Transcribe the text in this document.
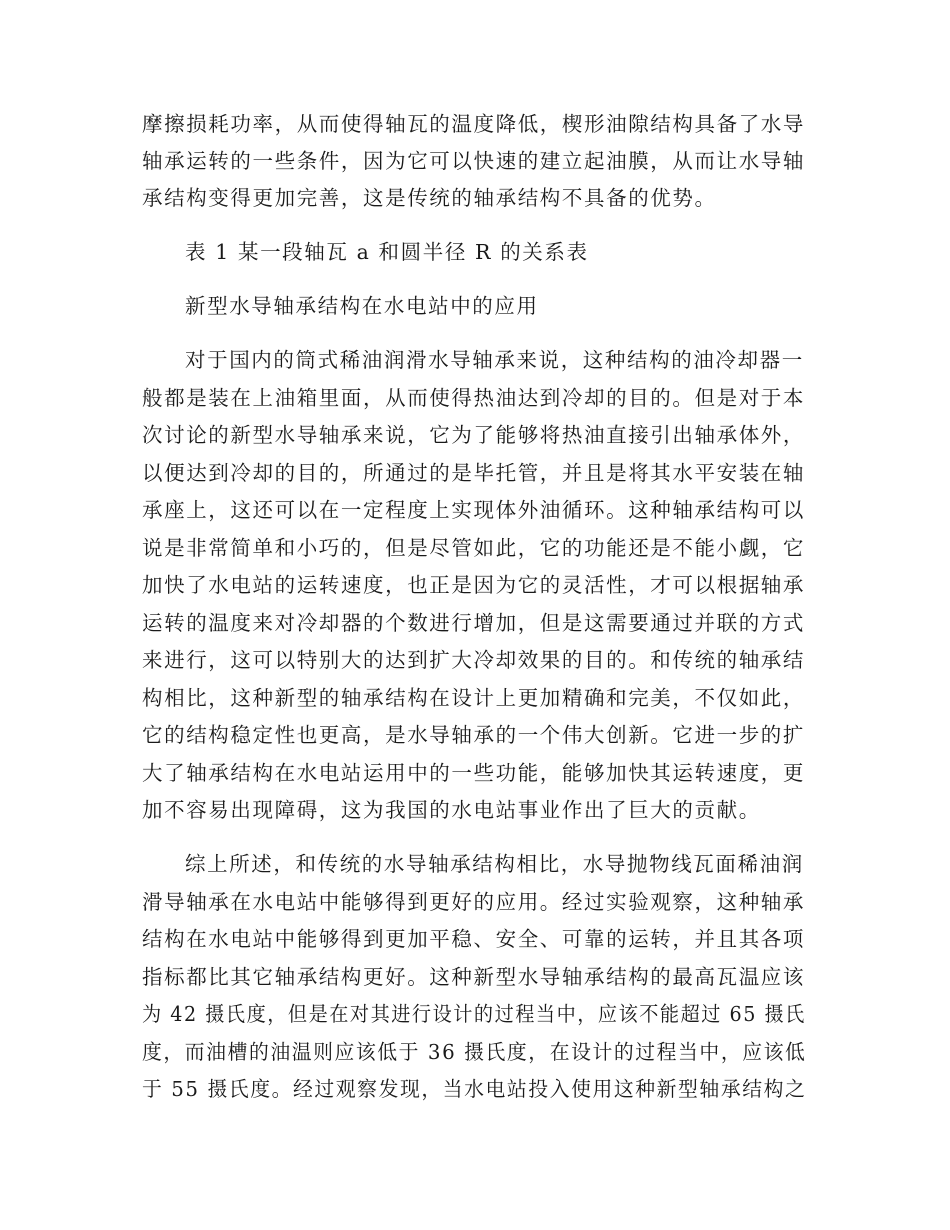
摩擦损耗功率，从而使得轴瓦的温度降低，楔形油隙结构具备了水导
轴承运转的一些条件，因为它可以快速的建立起油膜，从而让水导轴
承结构变得更加完善，这是传统的轴承结构不具备的优势。
表 1 某一段轴瓦 a 和圆半径 R 的关系表
新型水导轴承结构在水电站中的应用
对于国内的筒式稀油润滑水导轴承来说，这种结构的油冷却器一
般都是装在上油箱里面，从而使得热油达到冷却的目的。但是对于本
次讨论的新型水导轴承来说，它为了能够将热油直接引出轴承体外，
以便达到冷却的目的，所通过的是毕托管，并且是将其水平安装在轴
承座上，这还可以在一定程度上实现体外油循环。这种轴承结构可以
说是非常简单和小巧的，但是尽管如此，它的功能还是不能小觑，它
加快了水电站的运转速度，也正是因为它的灵活性，才可以根据轴承
运转的温度来对冷却器的个数进行增加，但是这需要通过并联的方式
来进行，这可以特别大的达到扩大冷却效果的目的。和传统的轴承结
构相比，这种新型的轴承结构在设计上更加精确和完美，不仅如此，
它的结构稳定性也更高，是水导轴承的一个伟大创新。它进一步的扩
大了轴承结构在水电站运用中的一些功能，能够加快其运转速度，更
加不容易出现障碍，这为我国的水电站事业作出了巨大的贡献。
综上所述，和传统的水导轴承结构相比，水导抛物线瓦面稀油润
滑导轴承在水电站中能够得到更好的应用。经过实验观察，这种轴承
结构在水电站中能够得到更加平稳、安全、可靠的运转，并且其各项
指标都比其它轴承结构更好。这种新型水导轴承结构的最高瓦温应该
为 42 摄氏度，但是在对其进行设计的过程当中，应该不能超过 65 摄氏
度，而油槽的油温则应该低于 36 摄氏度，在设计的过程当中，应该低
于 55 摄氏度。经过观察发现，当水电站投入使用这种新型轴承结构之
